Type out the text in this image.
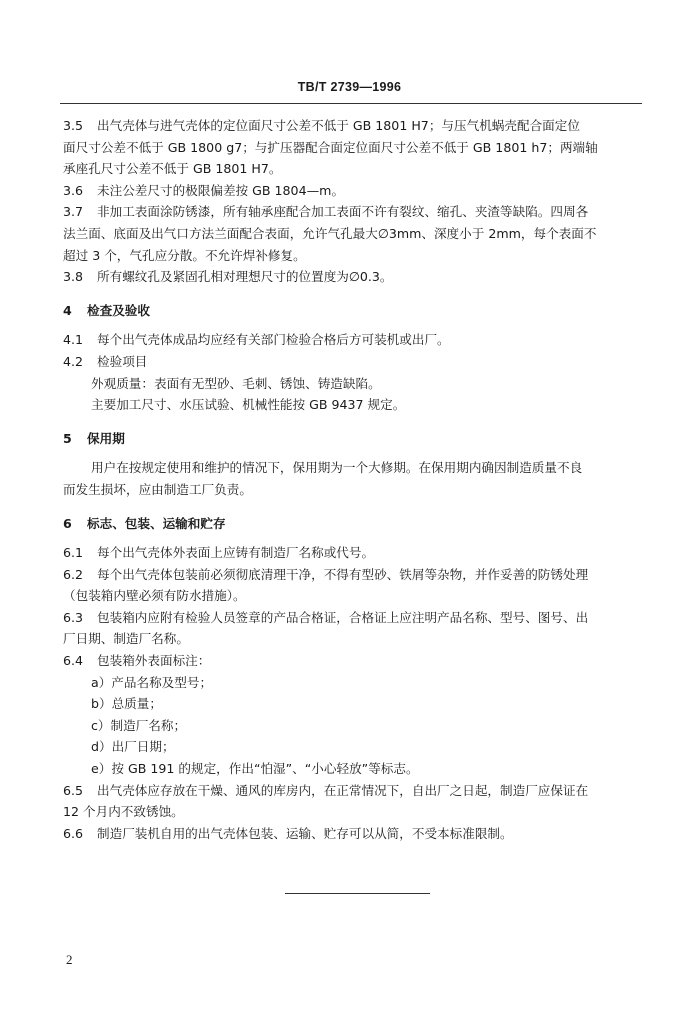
TB/T 2739—1996

3.5 出气壳体与进气壳体的定位面尺寸公差不低于 GB 1801 H7；与压气机蜗壳配合面定位

面尺寸公差不低于 GB 1800 g7；与扩压器配合面定位面尺寸公差不低于 GB 1801 h7；两端轴

承座孔尺寸公差不低于 GB 1801 H7。

3.6 未注公差尺寸的极限偏差按 GB 1804—m。

3.7 非加工表面涂防锈漆，所有轴承座配合加工表面不许有裂纹、缩孔、夹渣等缺陷。四周各

法兰面、底面及出气口方法兰面配合表面，允许气孔最大∅3mm、深度小于 2mm，每个表面不

超过 3 个，气孔应分散。不允许焊补修复。

3.8 所有螺纹孔及紧固孔相对理想尺寸的位置度为∅0.3。

4 检查及验收

4.1 每个出气壳体成品均应经有关部门检验合格后方可装机或出厂。

4.2 检验项目

外观质量：表面有无型砂、毛刺、锈蚀、铸造缺陷。

主要加工尺寸、水压试验、机械性能按 GB 9437 规定。

5 保用期

用户在按规定使用和维护的情况下，保用期为一个大修期。在保用期内确因制造质量不良

而发生损坏，应由制造工厂负责。

6 标志、包装、运输和贮存

6.1 每个出气壳体外表面上应铸有制造厂名称或代号。

6.2 每个出气壳体包装前必须彻底清理干净，不得有型砂、铁屑等杂物，并作妥善的防锈处理

（包装箱内壁必须有防水措施）。

6.3 包装箱内应附有检验人员签章的产品合格证，合格证上应注明产品名称、型号、图号、出

厂日期、制造厂名称。

6.4 包装箱外表面标注：

a）产品名称及型号；

b）总质量；

c）制造厂名称；

d）出厂日期；

e）按 GB 191 的规定，作出“怕湿”、“小心轻放”等标志。

6.5 出气壳体应存放在干燥、通风的库房内，在正常情况下，自出厂之日起，制造厂应保证在

12 个月内不致锈蚀。

6.6 制造厂装机自用的出气壳体包装、运输、贮存可以从简，不受本标准限制。

2
